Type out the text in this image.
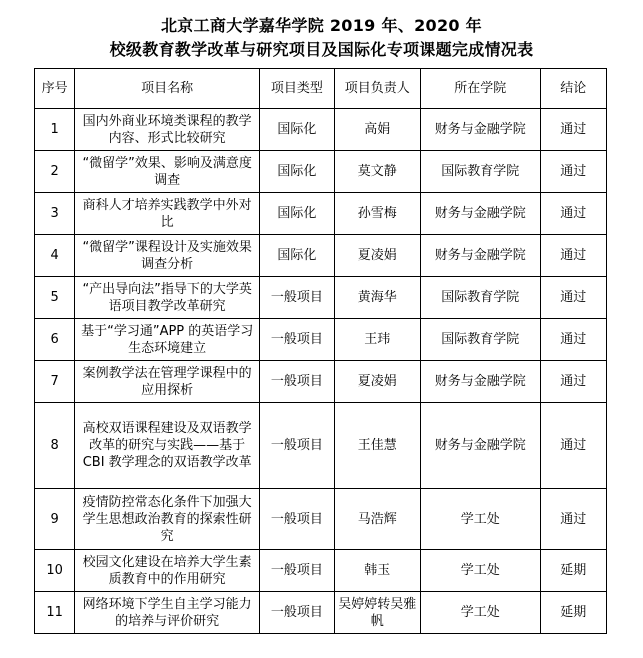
北京工商大学嘉华学院 2019 年、2020 年
校级教育教学改革与研究项目及国际化专项课题完成情况表
序号	项目名称	项目类型	项目负责人	所在学院	结论
1	国内外商业环境类课程的教学内容、形式比较研究	国际化	高娟	财务与金融学院	通过
2	“微留学”效果、影响及满意度调查	国际化	莫文静	国际教育学院	通过
3	商科人才培养实践教学中外对比	国际化	孙雪梅	财务与金融学院	通过
4	“微留学”课程设计及实施效果调查分析	国际化	夏凌娟	财务与金融学院	通过
5	“产出导向法”指导下的大学英语项目教学改革研究	一般项目	黄海华	国际教育学院	通过
6	基于“学习通”APP 的英语学习生态环境建立	一般项目	王玮	国际教育学院	通过
7	案例教学法在管理学课程中的应用探析	一般项目	夏凌娟	财务与金融学院	通过
8	高校双语课程建设及双语教学改革的研究与实践——基于 CBI 教学理念的双语教学改革	一般项目	王佳慧	财务与金融学院	通过
9	疫情防控常态化条件下加强大学生思想政治教育的探索性研究	一般项目	马浩辉	学工处	通过
10	校园文化建设在培养大学生素质教育中的作用研究	一般项目	韩玉	学工处	延期
11	网络环境下学生自主学习能力的培养与评价研究	一般项目	吴婷婷转吴雅帆	学工处	延期
